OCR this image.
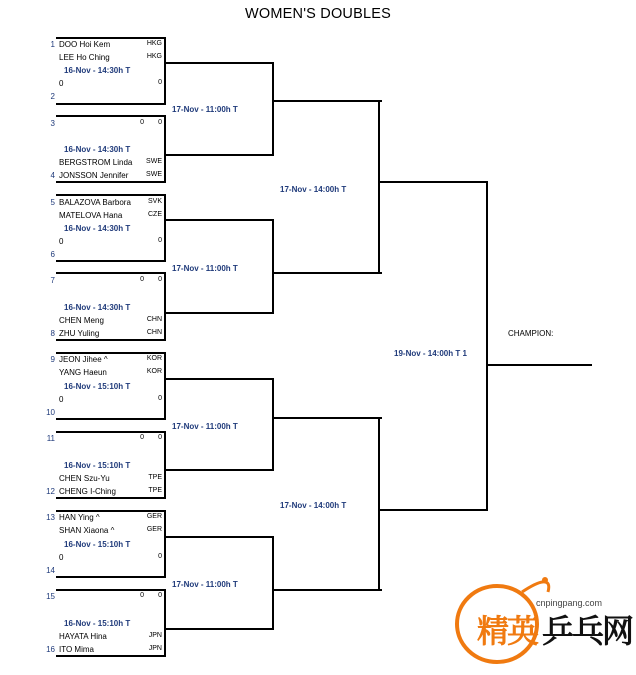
WOMEN'S DOUBLES
1
2
3
4
5
6
7
8
9
10
11
12
13
14
15
16
DOO Hoi Kem	HKG
LEE Ho Ching	HKG
BERGSTROM Linda	SWE
JONSSON Jennifer	SWE
BALAZOVA Barbora	SVK
MATELOVA Hana	CZE
CHEN Meng	CHN
ZHU Yuling	CHN
JEON Jihee ^	KOR
YANG Haeun	KOR
CHEN Szu-Yu	TPE
CHENG I-Ching	TPE
HAN Ying ^	GER
SHAN Xiaona ^	GER
HAYATA Hina	JPN
ITO Mima	JPN
0
0
0	0
0
0
0	0
0
0
0	0
0
0
0	0
16-Nov - 14:30h T
16-Nov - 14:30h T
16-Nov - 14:30h T
16-Nov - 14:30h T
16-Nov - 15:10h T
16-Nov - 15:10h T
16-Nov - 15:10h T
16-Nov - 15:10h T
17-Nov - 11:00h T
17-Nov - 11:00h T
17-Nov - 11:00h T
17-Nov - 11:00h T
17-Nov - 14:00h T
17-Nov - 14:00h T
19-Nov - 14:00h T 1
CHAMPION:
cnpingpang.com
精英 乒乓网
